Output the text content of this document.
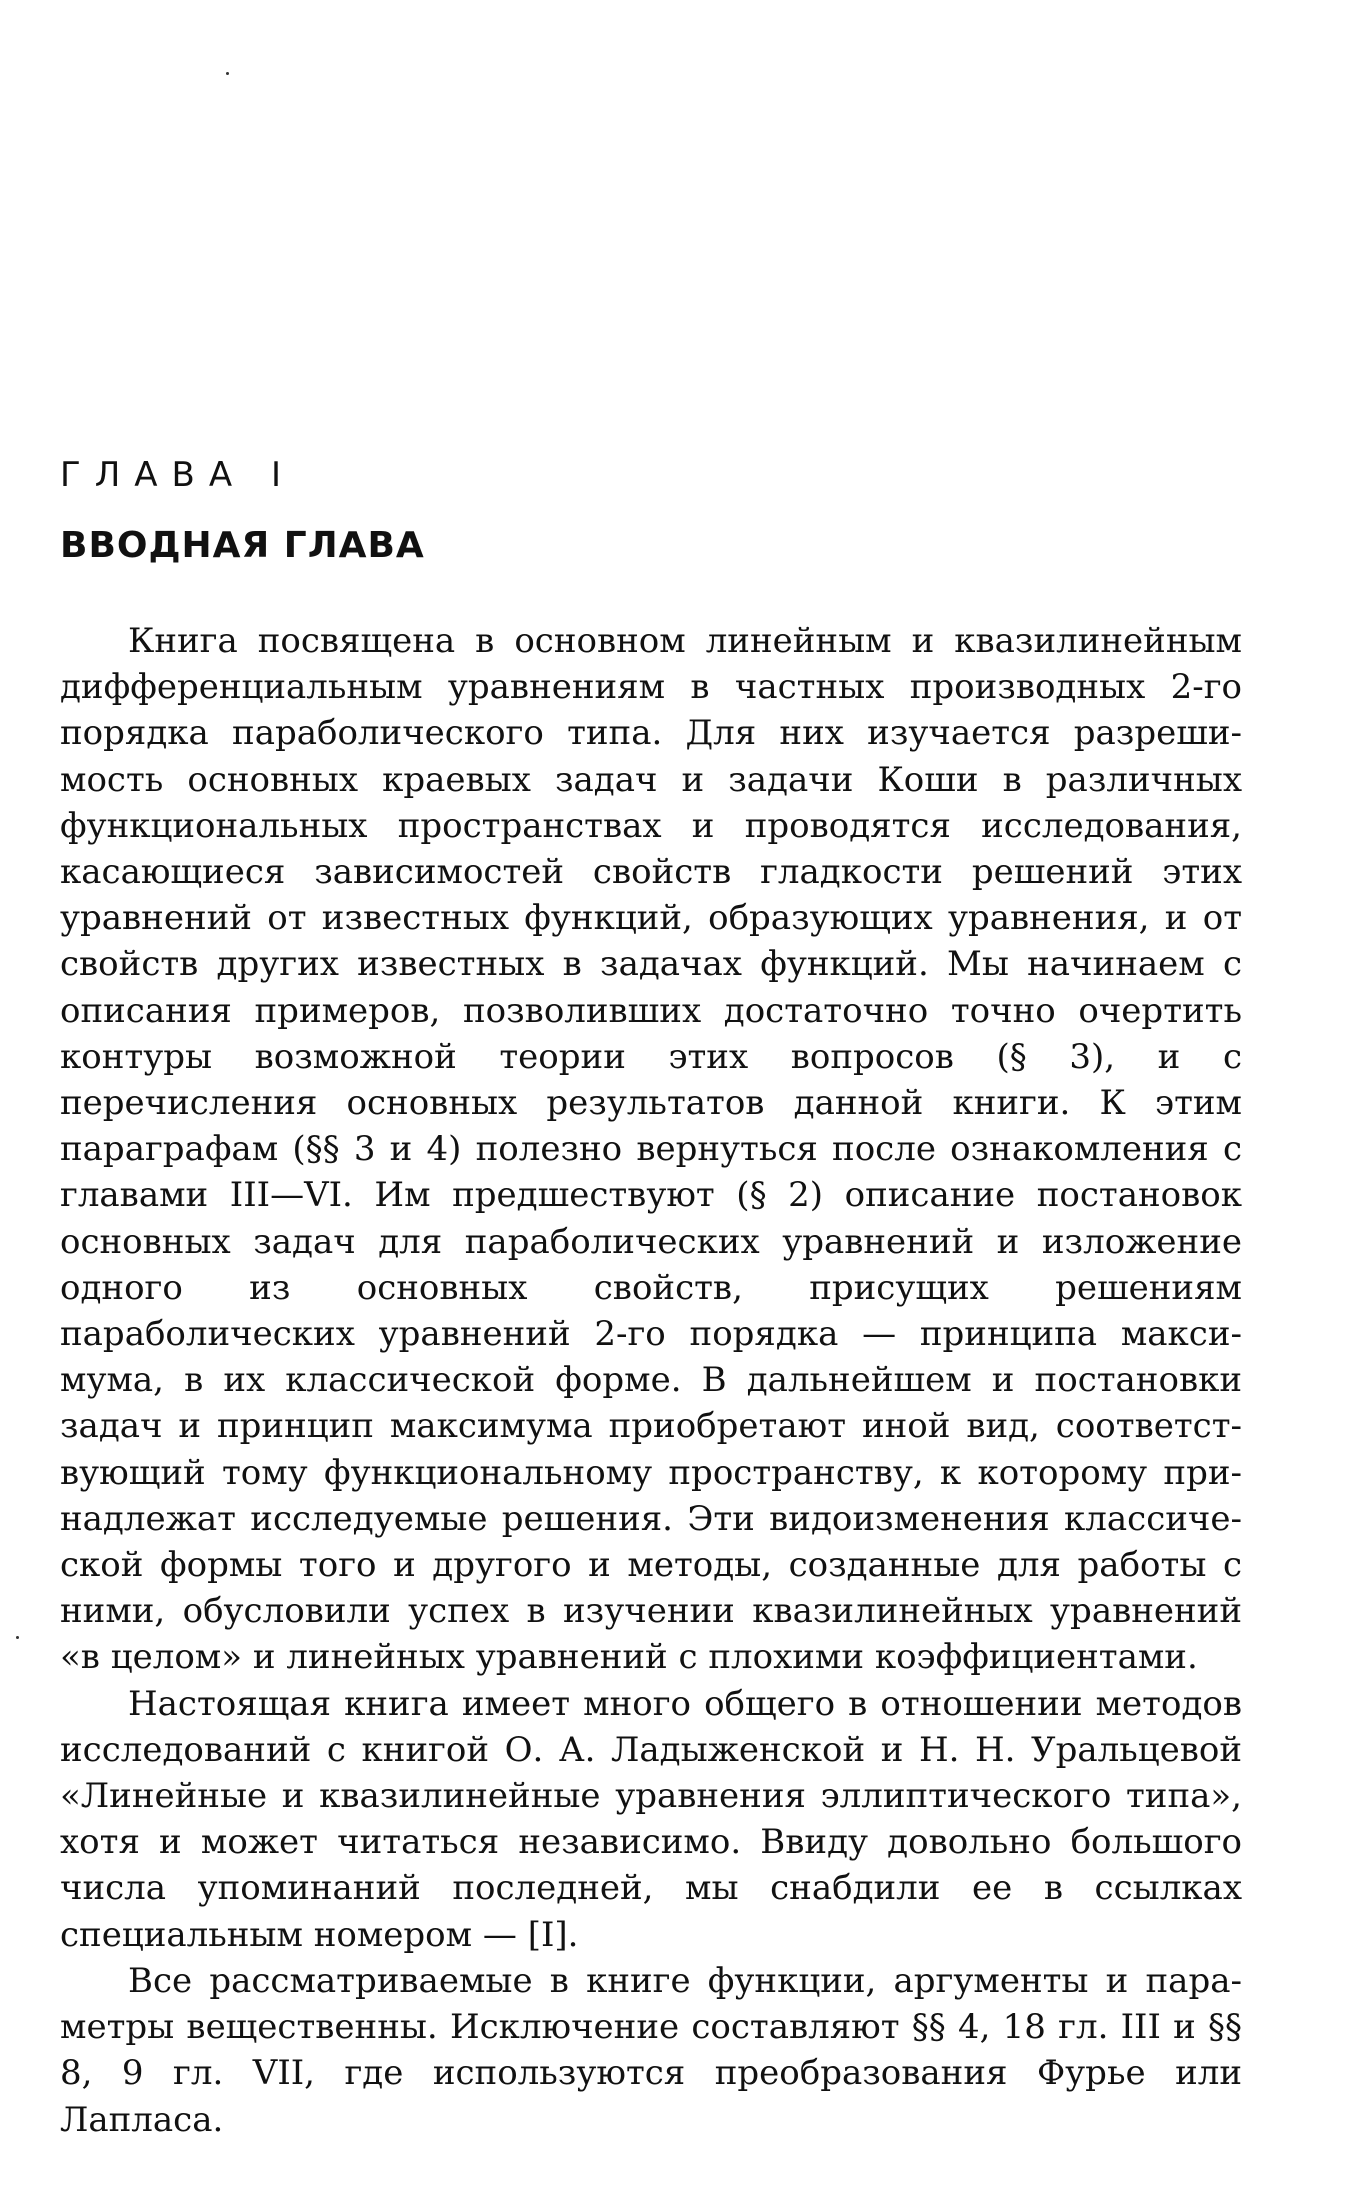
ГЛАВА I
ВВОДНАЯ ГЛАВА

Книга посвящена в основном линейным и квазилинейным дифференциальным уравнениям в частных производных 2-го порядка параболического типа. Для них изучается разрешимость основных краевых задач и задачи Коши в различных функциональных пространствах и проводятся исследования, касающиеся зависимостей свойств гладкости решений этих уравнений от известных функций, образующих уравнения, и от свойств других известных в задачах функций. Мы начинаем с описания примеров, позволивших достаточно точно очертить контуры возможной теории этих вопросов (§ 3), и с перечисления основных результатов данной книги. К этим параграфам (§§ 3 и 4) полезно вернуться после ознакомления с главами III—VI. Им предшествуют (§ 2) описание постановок основных задач для параболических уравнений и изложение одного из основных свойств, присущих решениям параболических уравнений 2-го порядка — принципа максимума, в их классической форме. В дальнейшем и постановки задач и принцип максимума приобретают иной вид, соответствующий тому функциональному пространству, к которому принадлежат исследуемые решения. Эти видоизменения классической формы того и другого и методы, созданные для работы с ними, обусловили успех в изучении квазилинейных уравнений «в целом» и линейных уравнений с плохими коэффициентами.

Настоящая книга имеет много общего в отношении методов исследований с книгой О. А. Ладыженской и Н. Н. Уральцевой «Линейные и квазилинейные уравнения эллиптического типа», хотя и может читаться независимо. Ввиду довольно большого числа упоминаний последней, мы снабдили ее в ссылках специальным номером — [I].

Все рассматриваемые в книге функции, аргументы и параметры вещественны. Исключение составляют §§ 4, 18 гл. III и §§ 8, 9 гл. VII, где используются преобразования Фурье или Лапласа.
